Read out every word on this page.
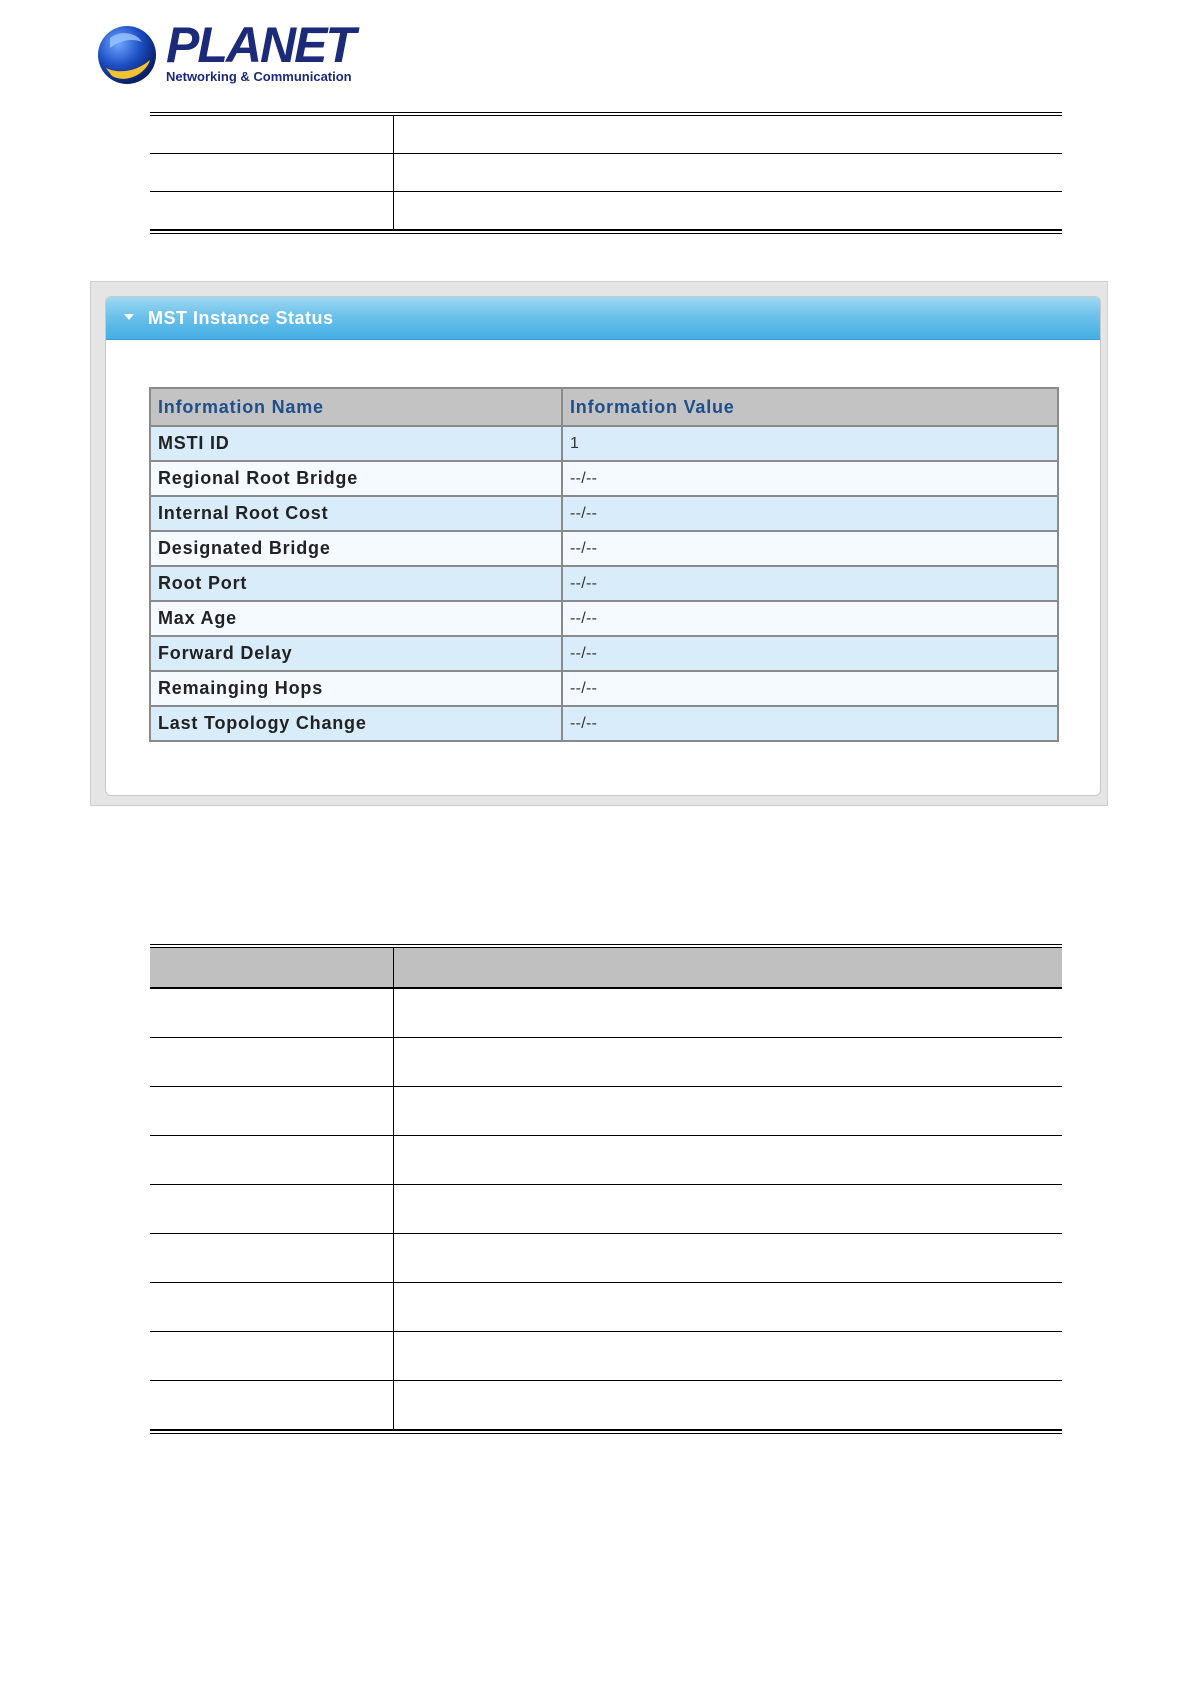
PLANET
Networking & Communication
MST Instance Status
Information Name	Information Value
MSTI ID	1
Regional Root Bridge	--/--
Internal Root Cost	--/--
Designated Bridge	--/--
Root Port	--/--
Max Age	--/--
Forward Delay	--/--
Remainging Hops	--/--
Last Topology Change	--/--
